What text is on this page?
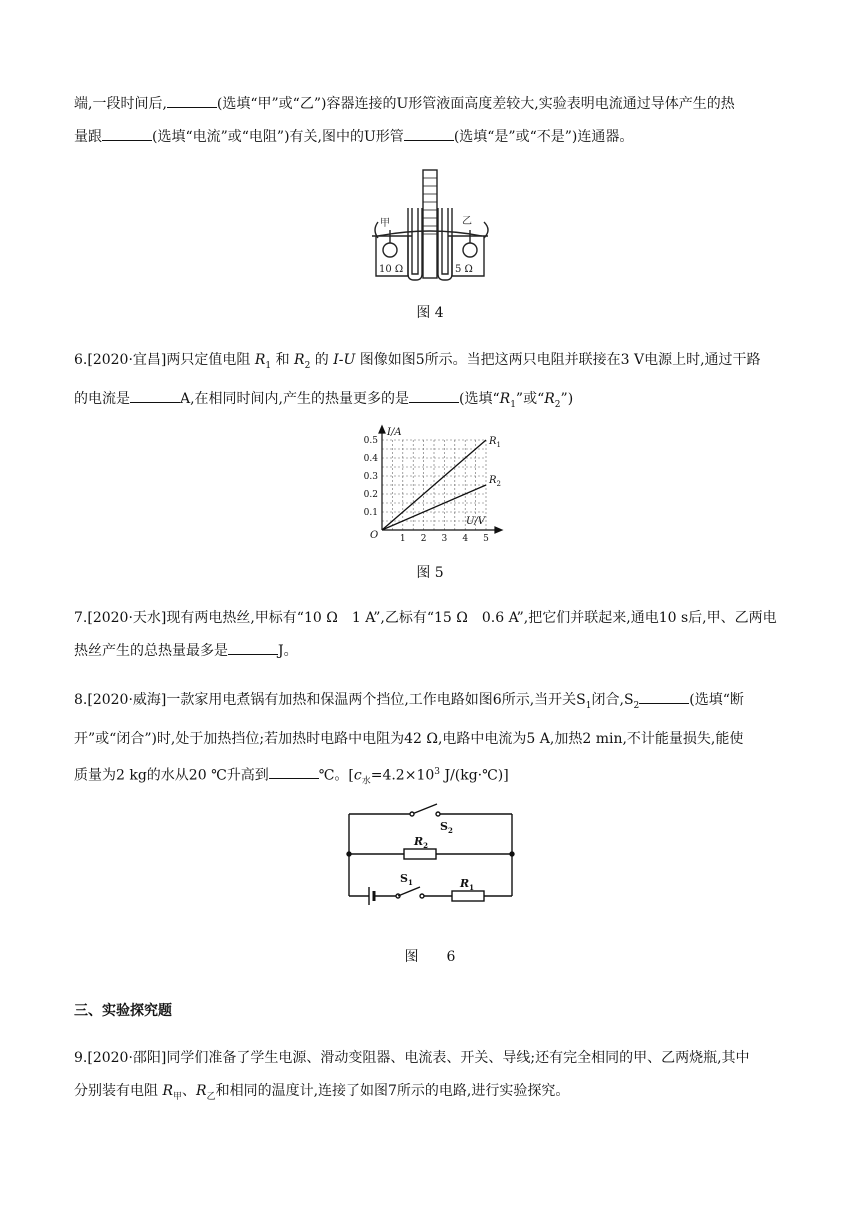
端,一段时间后,	(选填“甲”或“乙”)容器连接的U形管液面高度差较大,实验表明电流通过导体产生的热
量跟	(选填“电流”或“电阻”)有关,图中的U形管	(选填“是”或“不是”)连通器。
甲	乙
10 Ω	5 Ω
图 4
6.[2020·宜昌]两只定值电阻 $R_1$ 和 $R_2$ 的 I-U 图像如图5所示。当把这两只电阻并联接在3 V电源上时,通过干路
的电流是	A,在相同时间内,产生的热量更多的是	(选填“$R_1$”或“$R_2$”)
I/A
U/V
O
0.5
0.4
0.3
0.2
0.1
1 2 3 4 5
$R_1$
$R_2$
图 5
7.[2020·天水]现有两电热丝,甲标有“10 Ω　1 A”,乙标有“15 Ω　0.6 A”,把它们并联起来,通电10 s后,甲、乙两电
热丝产生的总热量最多是	J。
8.[2020·威海]一款家用电煮锅有加热和保温两个挡位,工作电路如图6所示,当开关$S_1$闭合$,S_2$	(选填“断
开”或“闭合”)时,处于加热挡位;若加热时电路中电阻为42 Ω,电路中电流为5 A,加热2 min,不计能量损失,能使
质量为2 kg的水从20 ℃升高到	℃。[$c_水=4.2\times 10^3$ J/(kg·℃)]
$S_2$
$R_2$
$S_1$	$R_1$
图　　6
三、实验探究题
9.[2020·邵阳]同学们准备了学生电源、滑动变阻器、电流表、开关、导线;还有完全相同的甲、乙两烧瓶,其中
分别装有电阻 $R_甲$、$R_乙$和相同的温度计,连接了如图7所示的电路,进行实验探究。
